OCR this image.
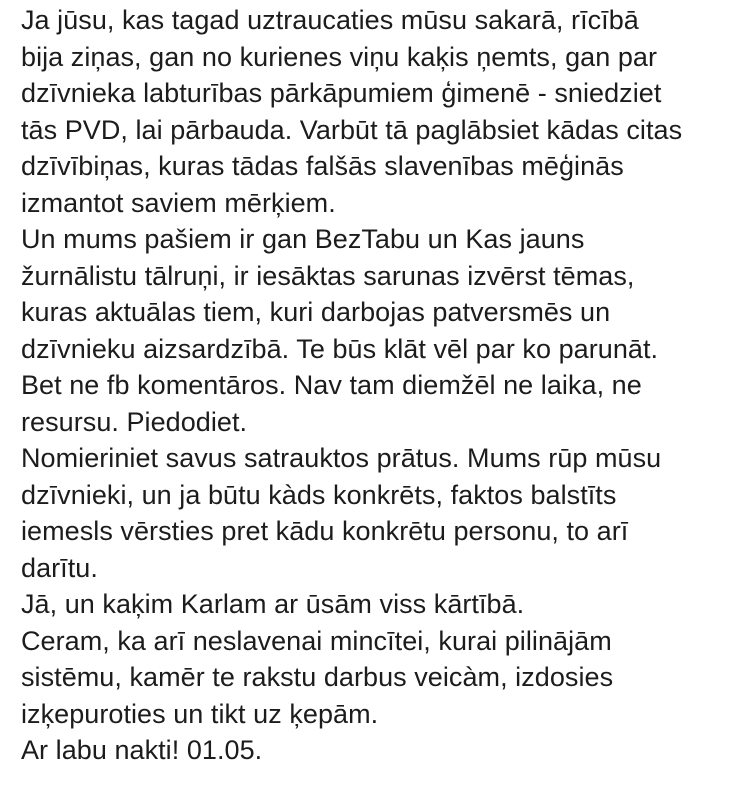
Ja jūsu, kas tagad uztraucaties mūsu sakarā, rīcībā
bija ziņas, gan no kurienes viņu kaķis ņemts, gan par
dzīvnieka labturības pārkāpumiem ģimenē - sniedziet
tās PVD, lai pārbauda. Varbūt tā paglābsiet kādas citas
dzīvībiņas, kuras tādas falšās slavenības mēģinās
izmantot saviem mērķiem.
Un mums pašiem ir gan BezTabu un Kas jauns
žurnālistu tālruņi, ir iesāktas sarunas izvērst tēmas,
kuras aktuālas tiem, kuri darbojas patversmēs un
dzīvnieku aizsardzībā. Te būs klāt vēl par ko parunāt.
Bet ne fb komentāros. Nav tam diemžēl ne laika, ne
resursu. Piedodiet.
Nomieriniet savus satrauktos prātus. Mums rūp mūsu
dzīvnieki, un ja būtu kàds konkrēts, faktos balstīts
iemesls vērsties pret kādu konkrētu personu, to arī
darītu.
Jā, un kaķim Karlam ar ūsām viss kārtībā.
Ceram, ka arī neslavenai mincītei, kurai pilinājām
sistēmu, kamēr te rakstu darbus veicàm, izdosies
izķepuroties un tikt uz ķepām.
Ar labu nakti! 01.05.
